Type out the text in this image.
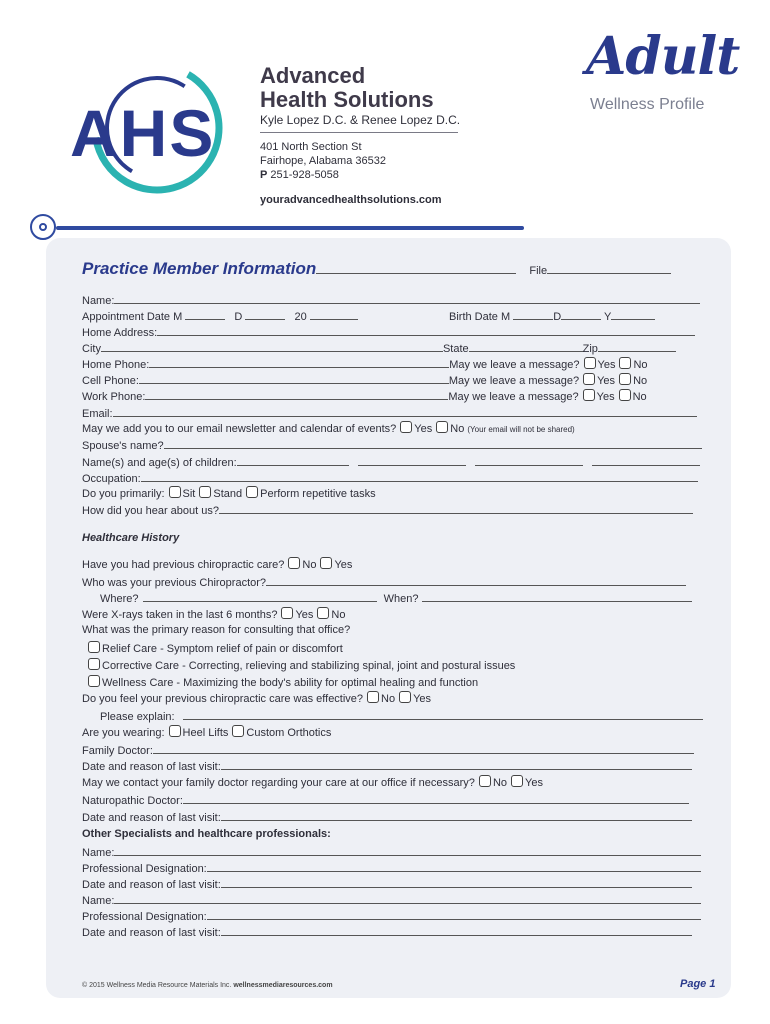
AHS
Advanced
Health Solutions
Kyle Lopez D.C. & Renee Lopez D.C.
401 North Section St
Fairhope, Alabama 36532
P 251-928-5058
youradvancedhealthsolutions.com
Adult
Wellness Profile
Practice Member Information	File
Name:
Appointment Date M	D	20	Birth Date M	D	Y
Home Address:
City	State	Zip
Home Phone:	May we leave a message? Yes No
Cell Phone:	May we leave a message? Yes No
Work Phone:	May we leave a message? Yes No
Email:
May we add you to our email newsletter and calendar of events? Yes No (Your email will not be shared)
Spouse's name?
Name(s) and age(s) of children:
Occupation:
Do you primarily: Sit Stand Perform repetitive tasks
How did you hear about us?
Healthcare History
Have you had previous chiropractic care? No Yes
Who was your previous Chiropractor?
Where?	When?
Were X-rays taken in the last 6 months? Yes No
What was the primary reason for consulting that office?
Relief Care - Symptom relief of pain or discomfort
Corrective Care - Correcting, relieving and stabilizing spinal, joint and postural issues
Wellness Care - Maximizing the body's ability for optimal healing and function
Do you feel your previous chiropractic care was effective? No Yes
Please explain:
Are you wearing: Heel Lifts Custom Orthotics
Family Doctor:
Date and reason of last visit:
May we contact your family doctor regarding your care at our office if necessary? No Yes
Naturopathic Doctor:
Date and reason of last visit:
Other Specialists and healthcare professionals:
Name:
Professional Designation:
Date and reason of last visit:
Name:
Professional Designation:
Date and reason of last visit:
© 2015 Wellness Media Resource Materials Inc. wellnessmediaresources.com	Page 1
